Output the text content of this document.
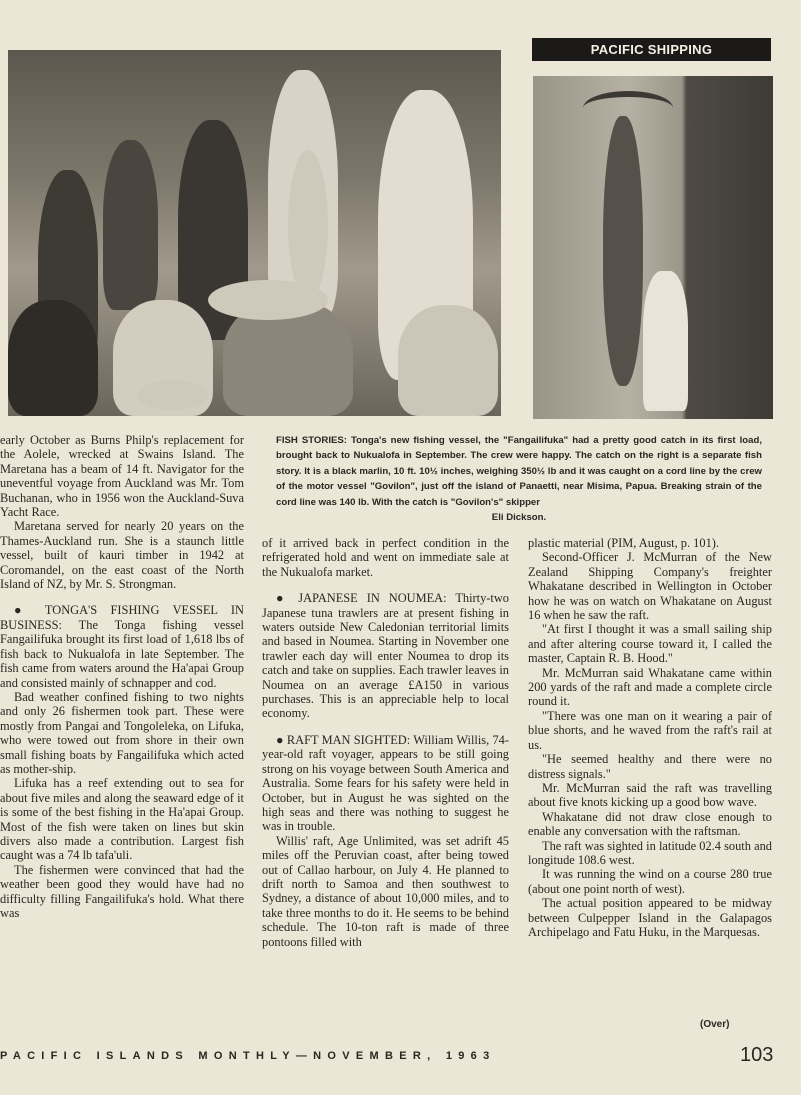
PACIFIC SHIPPING
FISH STORIES: Tonga's new fishing vessel, the "Fangailifuka" had a pretty good catch in its first load, brought back to Nukualofa in September. The crew were happy. The catch on the right is a separate fish story. It is a black marlin, 10 ft. 10½ inches, weighing 350½ lb and it was caught on a cord line by the crew of the motor vessel "Govilon", just off the island of Panaetti, near Misima, Papua. Breaking strain of the cord line was 140 lb. With the catch is "Govilon's" skipper
Eli Dickson.

early October as Burns Philp's replacement for the Aolele, wrecked at Swains Island. The Maretana has a beam of 14 ft. Navigator for the uneventful voyage from Auckland was Mr. Tom Buchanan, who in 1956 won the Auckland-Suva Yacht Race.

Maretana served for nearly 20 years on the Thames-Auckland run. She is a staunch little vessel, built of kauri timber in 1942 at Coromandel, on the east coast of the North Island of NZ, by Mr. S. Strongman.

● TONGA'S FISHING VESSEL IN BUSINESS: The Tonga fishing vessel Fangailifuka brought its first load of 1,618 lbs of fish back to Nukualofa in late September. The fish came from waters around the Ha'apai Group and consisted mainly of schnapper and cod.

Bad weather confined fishing to two nights and only 26 fishermen took part. These were mostly from Pangai and Tongoleleka, on Lifuka, who were towed out from shore in their own small fishing boats by Fangailifuka which acted as mother-ship.

Lifuka has a reef extending out to sea for about five miles and along the seaward edge of it is some of the best fishing in the Ha'apai Group. Most of the fish were taken on lines but skin divers also made a contribution. Largest fish caught was a 74 lb tafa'uli.

The fishermen were convinced that had the weather been good they would have had no difficulty filling Fangailifuka's hold. What there was

of it arrived back in perfect condition in the refrigerated hold and went on immediate sale at the Nukualofa market.

● JAPANESE IN NOUMEA: Thirty-two Japanese tuna trawlers are at present fishing in waters outside New Caledonian territorial limits and based in Noumea. Starting in November one trawler each day will enter Noumea to drop its catch and take on supplies. Each trawler leaves in Noumea on an average £A150 in various purchases. This is an appreciable help to local economy.

● RAFT MAN SIGHTED: William Willis, 74-year-old raft voyager, appears to be still going strong on his voyage between South America and Australia. Some fears for his safety were held in October, but in August he was sighted on the high seas and there was nothing to suggest he was in trouble.

Willis' raft, Age Unlimited, was set adrift 45 miles off the Peruvian coast, after being towed out of Callao harbour, on July 4. He planned to drift north to Samoa and then southwest to Sydney, a distance of about 10,000 miles, and to take three months to do it. He seems to be behind schedule. The 10-ton raft is made of three pontoons filled with

plastic material (PIM, August, p. 101).

Second-Officer J. McMurran of the New Zealand Shipping Company's freighter Whakatane described in Wellington in October how he was on watch on Whakatane on August 16 when he saw the raft.

"At first I thought it was a small sailing ship and after altering course toward it, I called the master, Captain R. B. Hood."

Mr. McMurran said Whakatane came within 200 yards of the raft and made a complete circle round it.

"There was one man on it wearing a pair of blue shorts, and he waved from the raft's rail at us.

"He seemed healthy and there were no distress signals."

Mr. McMurran said the raft was travelling about five knots kicking up a good bow wave.

Whakatane did not draw close enough to enable any conversation with the raftsman.

The raft was sighted in latitude 02.4 south and longitude 108.6 west.

It was running the wind on a course 280 true (about one point north of west).

The actual position appeared to be midway between Culpepper Island in the Galapagos Archipelago and Fatu Huku, in the Marquesas.

(Over)
PACIFIC ISLANDS MONTHLY—NOVEMBER, 1963	103
